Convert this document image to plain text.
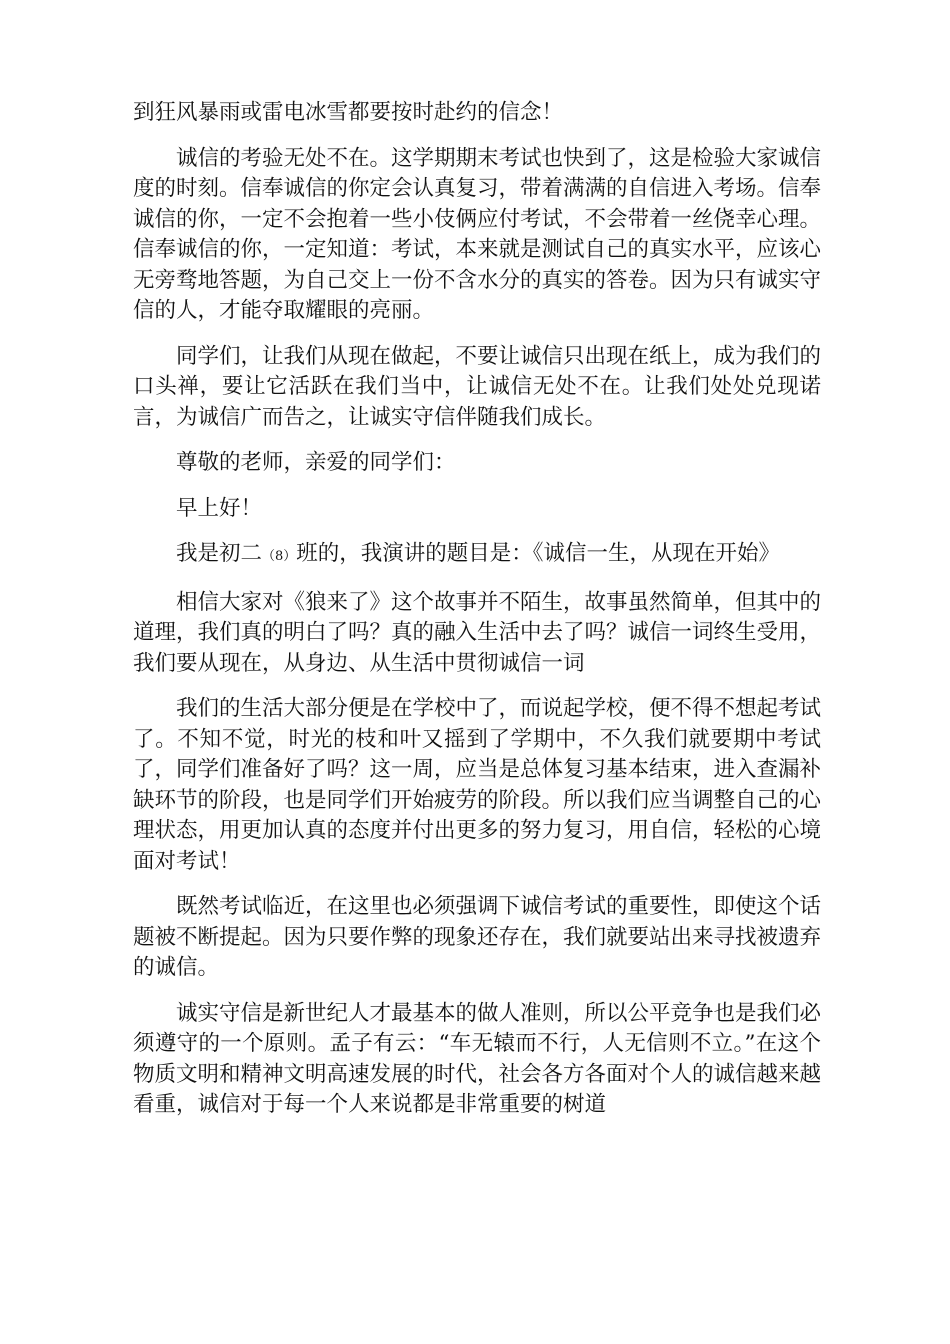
到狂风暴雨或雷电冰雪都要按时赴约的信念！

诚信的考验无处不在。这学期期末考试也快到了，这是检验大家诚信度的时刻。信奉诚信的你定会认真复习，带着满满的自信进入考场。信奉诚信的你，一定不会抱着一些小伎俩应付考试，不会带着一丝侥幸心理。信奉诚信的你，一定知道：考试，本来就是测试自己的真实水平，应该心无旁骛地答题，为自己交上一份不含水分的真实的答卷。因为只有诚实守信的人，才能夺取耀眼的亮丽。

同学们，让我们从现在做起，不要让诚信只出现在纸上，成为我们的口头禅，要让它活跃在我们当中，让诚信无处不在。让我们处处兑现诺言，为诚信广而告之，让诚实守信伴随我们成长。

尊敬的老师，亲爱的同学们：

早上好！

我是初二（8）班的，我演讲的题目是：《诚信一生，从现在开始》

相信大家对《狼来了》这个故事并不陌生，故事虽然简单，但其中的道理，我们真的明白了吗？真的融入生活中去了吗？诚信一词终生受用，我们要从现在，从身边、从生活中贯彻诚信一词

我们的生活大部分便是在学校中了，而说起学校，便不得不想起考试了。不知不觉，时光的枝和叶又摇到了学期中，不久我们就要期中考试了，同学们准备好了吗？这一周，应当是总体复习基本结束，进入查漏补缺环节的阶段，也是同学们开始疲劳的阶段。所以我们应当调整自己的心理状态，用更加认真的态度并付出更多的努力复习，用自信，轻松的心境面对考试！

既然考试临近，在这里也必须强调下诚信考试的重要性，即使这个话题被不断提起。因为只要作弊的现象还存在，我们就要站出来寻找被遗弃的诚信。

诚实守信是新世纪人才最基本的做人准则，所以公平竞争也是我们必须遵守的一个原则。孟子有云：“车无辕而不行，人无信则不立。”在这个物质文明和精神文明高速发展的时代，社会各方各面对个人的诚信越来越看重，诚信对于每一个人来说都是非常重要的树道
